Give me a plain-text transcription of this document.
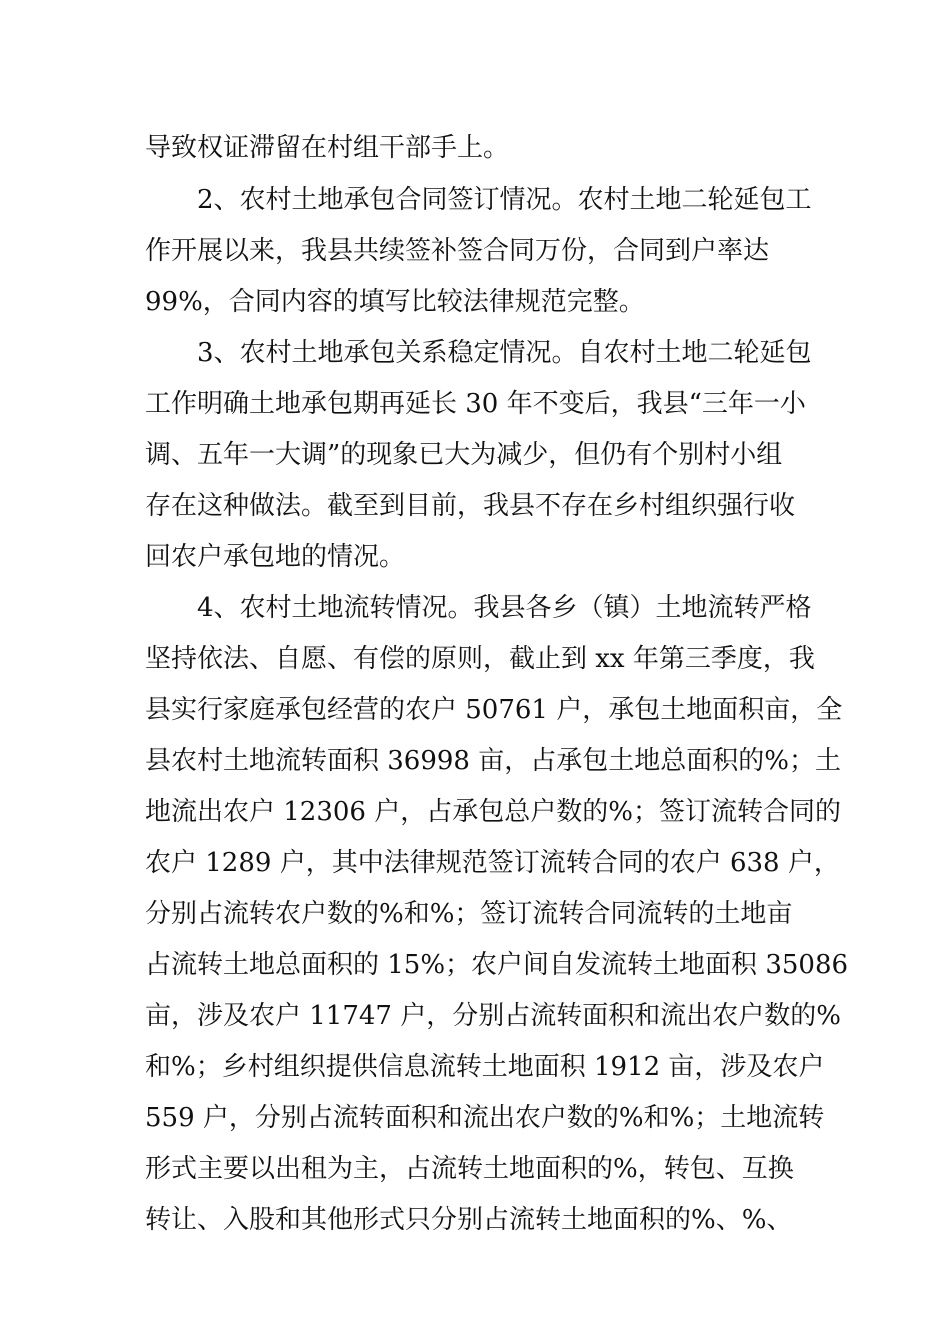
导致权证滞留在村组干部手上。
2、农村土地承包合同签订情况。农村土地二轮延包工
作开展以来，我县共续签补签合同万份，合同到户率达
99%，合同内容的填写比较法律规范完整。
3、农村土地承包关系稳定情况。自农村土地二轮延包
工作明确土地承包期再延长 30 年不变后，我县“三年一小
调、五年一大调”的现象已大为减少，但仍有个别村小组
存在这种做法。截至到目前，我县不存在乡村组织强行收
回农户承包地的情况。
4、农村土地流转情况。我县各乡（镇）土地流转严格
坚持依法、自愿、有偿的原则，截止到 xx 年第三季度，我
县实行家庭承包经营的农户 50761 户，承包土地面积亩，全
县农村土地流转面积 36998 亩，占承包土地总面积的%；土
地流出农户 12306 户，占承包总户数的%；签订流转合同的
农户 1289 户，其中法律规范签订流转合同的农户 638 户，
分别占流转农户数的%和%；签订流转合同流转的土地亩
占流转土地总面积的 15%；农户间自发流转土地面积 35086
亩，涉及农户 11747 户，分别占流转面积和流出农户数的%
和%；乡村组织提供信息流转土地面积 1912 亩，涉及农户
559 户，分别占流转面积和流出农户数的%和%；土地流转
形式主要以出租为主，占流转土地面积的%，转包、互换
转让、入股和其他形式只分别占流转土地面积的%、%、
